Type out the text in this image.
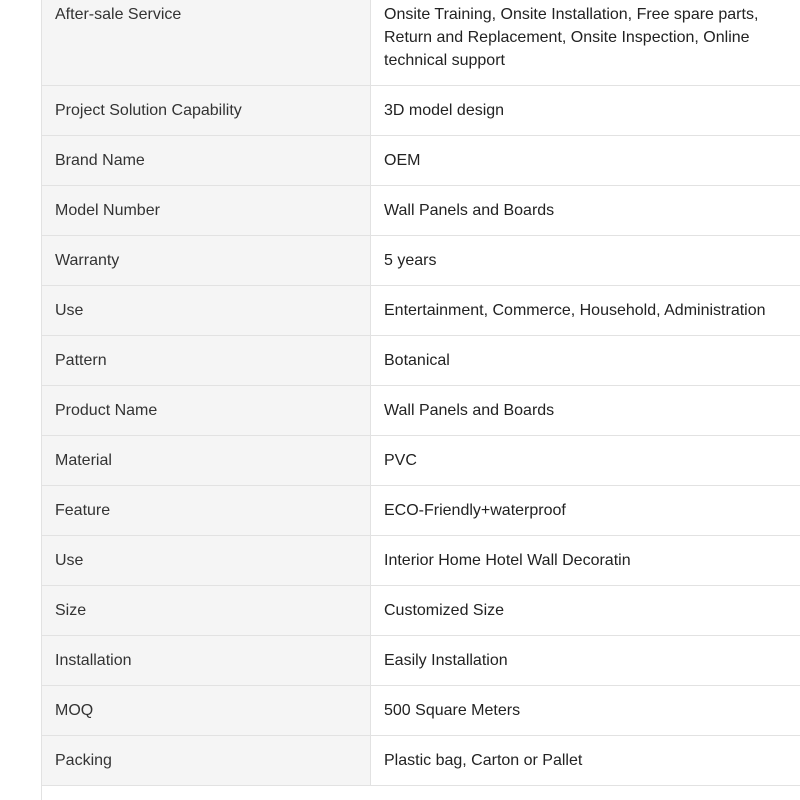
After-sale Service	Onsite Training, Onsite Installation, Free spare parts, Return and Replacement, Onsite Inspection, Online technical support
Project Solution Capability	3D model design
Brand Name	OEM
Model Number	Wall Panels and Boards
Warranty	5 years
Use	Entertainment, Commerce, Household, Administration
Pattern	Botanical
Product Name	Wall Panels and Boards
Material	PVC
Feature	ECO-Friendly+waterproof
Use	Interior Home Hotel Wall Decoratin
Size	Customized Size
Installation	Easily Installation
MOQ	500 Square Meters
Packing	Plastic bag, Carton or Pallet
